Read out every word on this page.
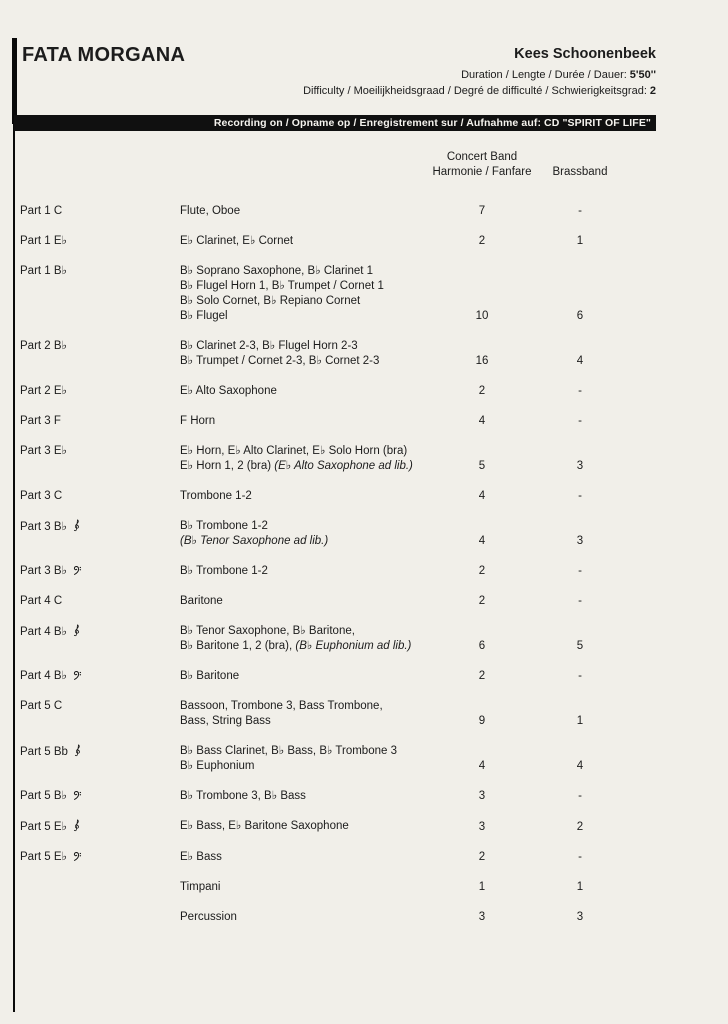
FATA MORGANA	Kees Schoonenbeek
Duration / Lengte / Durée / Dauer: 5'50''
Difficulty / Moeilijkheidsgraad / Degré de difficulté / Schwierigkeitsgrad: 2
Recording on / Opname op / Enregistrement sur / Aufnahme auf: CD "SPIRIT OF LIFE"
Concert Band
Harmonie / Fanfare	Brassband
Part 1 C	Flute, Oboe	7	-
Part 1 E♭	E♭ Clarinet, E♭ Cornet	2	1
Part 1 B♭	B♭ Soprano Saxophone, B♭ Clarinet 1
B♭ Flugel Horn 1, B♭ Trumpet / Cornet 1
B♭ Solo Cornet, B♭ Repiano Cornet
B♭ Flugel	10	6
Part 2 B♭	B♭ Clarinet 2-3, B♭ Flugel Horn 2-3
B♭ Trumpet / Cornet 2-3, B♭ Cornet 2-3	16	4
Part 2 E♭	E♭ Alto Saxophone	2	-
Part 3 F	F Horn	4	-
Part 3 E♭	E♭ Horn, E♭ Alto Clarinet, E♭ Solo Horn (bra)
E♭ Horn 1, 2 (bra) (E♭ Alto Saxophone ad lib.)	5	3
Part 3 C	Trombone 1-2	4	-
Part 3 B♭	B♭ Trombone 1-2
(B♭ Tenor Saxophone ad lib.)	4	3
Part 3 B♭	B♭ Trombone 1-2	2	-
Part 4 C	Baritone	2	-
Part 4 B♭	B♭ Tenor Saxophone, B♭ Baritone,
B♭ Baritone 1, 2 (bra), (B♭ Euphonium ad lib.)	6	5
Part 4 B♭	B♭ Baritone	2	-
Part 5 C	Bassoon, Trombone 3, Bass Trombone,
Bass, String Bass	9	1
Part 5 Bb	B♭ Bass Clarinet, B♭ Bass, B♭ Trombone 3
B♭ Euphonium	4	4
Part 5 B♭	B♭ Trombone 3, B♭ Bass	3	-
Part 5 E♭	E♭ Bass, E♭ Baritone Saxophone	3	2
Part 5 E♭	E♭ Bass	2	-
Timpani	1	1
Percussion	3	3
